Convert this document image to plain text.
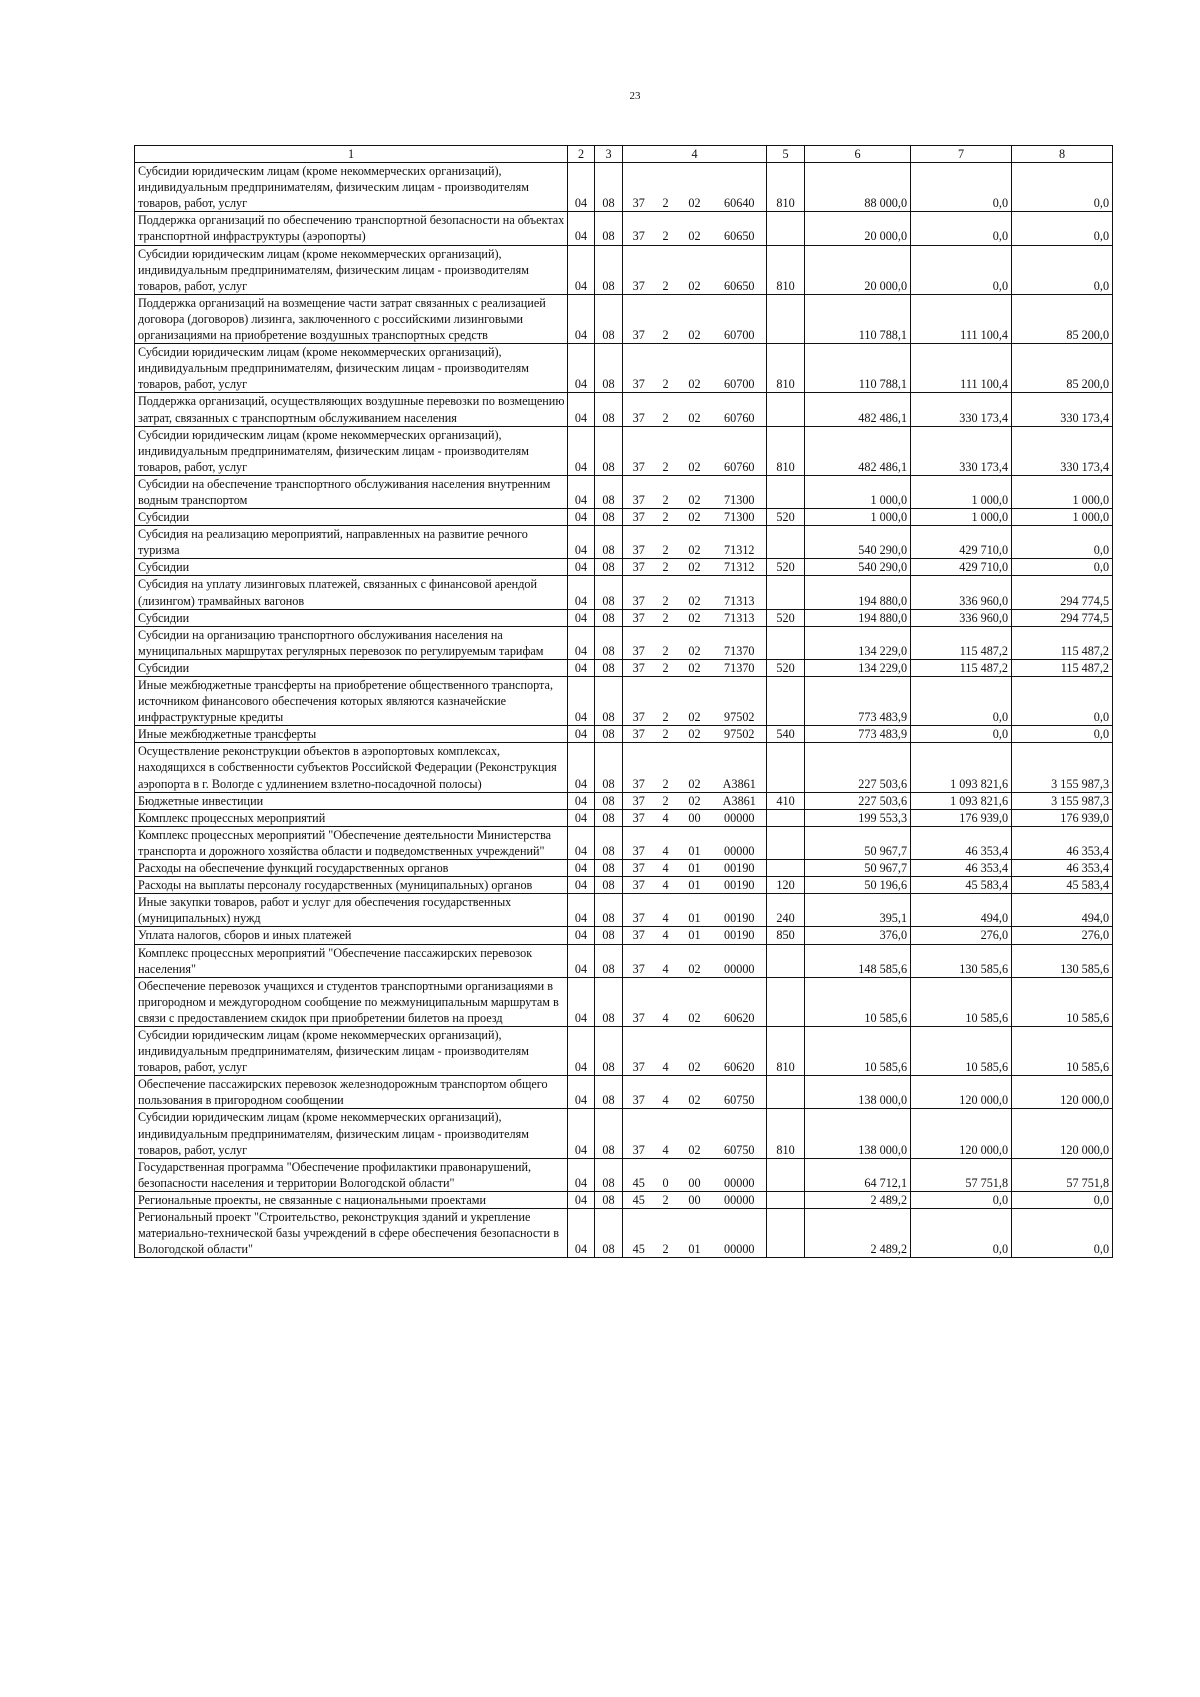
23
1	2	3	4				5	6	7	8
Субсидии юридическим лицам (кроме некоммерческих организаций), индивидуальным предпринимателям, физическим лицам - производителям товаров, работ, услуг	04	08	37	2	02	60640	810	88 000,0	0,0	0,0
Поддержка организаций по обеспечению транспортной безопасности на объектах транспортной инфраструктуры (аэропорты)	04	08	37	2	02	60650		20 000,0	0,0	0,0
Субсидии юридическим лицам (кроме некоммерческих организаций), индивидуальным предпринимателям, физическим лицам - производителям товаров, работ, услуг	04	08	37	2	02	60650	810	20 000,0	0,0	0,0
Поддержка организаций на возмещение части затрат связанных с реализацией договора (договоров) лизинга, заключенного с российскими лизинговыми организациями на приобретение воздушных транспортных средств	04	08	37	2	02	60700		110 788,1	111 100,4	85 200,0
Субсидии юридическим лицам (кроме некоммерческих организаций), индивидуальным предпринимателям, физическим лицам - производителям товаров, работ, услуг	04	08	37	2	02	60700	810	110 788,1	111 100,4	85 200,0
Поддержка организаций, осуществляющих воздушные перевозки по возмещению затрат, связанных с транспортным обслуживанием населения	04	08	37	2	02	60760		482 486,1	330 173,4	330 173,4
Субсидии юридическим лицам (кроме некоммерческих организаций), индивидуальным предпринимателям, физическим лицам - производителям товаров, работ, услуг	04	08	37	2	02	60760	810	482 486,1	330 173,4	330 173,4
Субсидии на обеспечение транспортного обслуживания населения внутренним водным транспортом	04	08	37	2	02	71300		1 000,0	1 000,0	1 000,0
Субсидии	04	08	37	2	02	71300	520	1 000,0	1 000,0	1 000,0
Субсидия на реализацию мероприятий, направленных на развитие речного туризма	04	08	37	2	02	71312		540 290,0	429 710,0	0,0
Субсидии	04	08	37	2	02	71312	520	540 290,0	429 710,0	0,0
Субсидия на уплату лизинговых платежей, связанных с финансовой арендой (лизингом) трамвайных вагонов	04	08	37	2	02	71313		194 880,0	336 960,0	294 774,5
Субсидии	04	08	37	2	02	71313	520	194 880,0	336 960,0	294 774,5
Субсидии на организацию транспортного обслуживания населения на муниципальных маршрутах регулярных перевозок по регулируемым тарифам	04	08	37	2	02	71370		134 229,0	115 487,2	115 487,2
Субсидии	04	08	37	2	02	71370	520	134 229,0	115 487,2	115 487,2
Иные межбюджетные трансферты на приобретение общественного транспорта, источником финансового обеспечения которых являются казначейские инфраструктурные кредиты	04	08	37	2	02	97502		773 483,9	0,0	0,0
Иные межбюджетные трансферты	04	08	37	2	02	97502	540	773 483,9	0,0	0,0
Осуществление реконструкции объектов в аэропортовых комплексах, находящихся в собственности субъектов Российской Федерации (Реконструкция аэропорта в г. Вологде с удлинением взлетно-посадочной полосы)	04	08	37	2	02	А3861		227 503,6	1 093 821,6	3 155 987,3
Бюджетные инвестиции	04	08	37	2	02	А3861	410	227 503,6	1 093 821,6	3 155 987,3
Комплекс процессных мероприятий	04	08	37	4	00	00000		199 553,3	176 939,0	176 939,0
Комплекс процессных мероприятий "Обеспечение деятельности Министерства транспорта и дорожного хозяйства области и подведомственных учреждений"	04	08	37	4	01	00000		50 967,7	46 353,4	46 353,4
Расходы на обеспечение функций государственных органов	04	08	37	4	01	00190		50 967,7	46 353,4	46 353,4
Расходы на выплаты персоналу государственных (муниципальных) органов	04	08	37	4	01	00190	120	50 196,6	45 583,4	45 583,4
Иные закупки товаров, работ и услуг для обеспечения государственных (муниципальных) нужд	04	08	37	4	01	00190	240	395,1	494,0	494,0
Уплата налогов, сборов и иных платежей	04	08	37	4	01	00190	850	376,0	276,0	276,0
Комплекс процессных мероприятий "Обеспечение пассажирских перевозок населения"	04	08	37	4	02	00000		148 585,6	130 585,6	130 585,6
Обеспечение перевозок учащихся и студентов транспортными организациями в пригородном и междугородном сообщение по межмуниципальным маршрутам в связи с предоставлением скидок при приобретении билетов на проезд	04	08	37	4	02	60620		10 585,6	10 585,6	10 585,6
Субсидии юридическим лицам (кроме некоммерческих организаций), индивидуальным предпринимателям, физическим лицам - производителям товаров, работ, услуг	04	08	37	4	02	60620	810	10 585,6	10 585,6	10 585,6
Обеспечение пассажирских перевозок железнодорожным транспортом общего пользования в пригородном сообщении	04	08	37	4	02	60750		138 000,0	120 000,0	120 000,0
Субсидии юридическим лицам (кроме некоммерческих организаций), индивидуальным предпринимателям, физическим лицам - производителям товаров, работ, услуг	04	08	37	4	02	60750	810	138 000,0	120 000,0	120 000,0
Государственная программа "Обеспечение профилактики правонарушений, безопасности населения и территории Вологодской области"	04	08	45	0	00	00000		64 712,1	57 751,8	57 751,8
Региональные проекты, не связанные с национальными проектами	04	08	45	2	00	00000		2 489,2	0,0	0,0
Региональный проект "Строительство, реконструкция зданий и укрепление материально-технической базы учреждений в сфере обеспечения безопасности в Вологодской области"	04	08	45	2	01	00000		2 489,2	0,0	0,0
